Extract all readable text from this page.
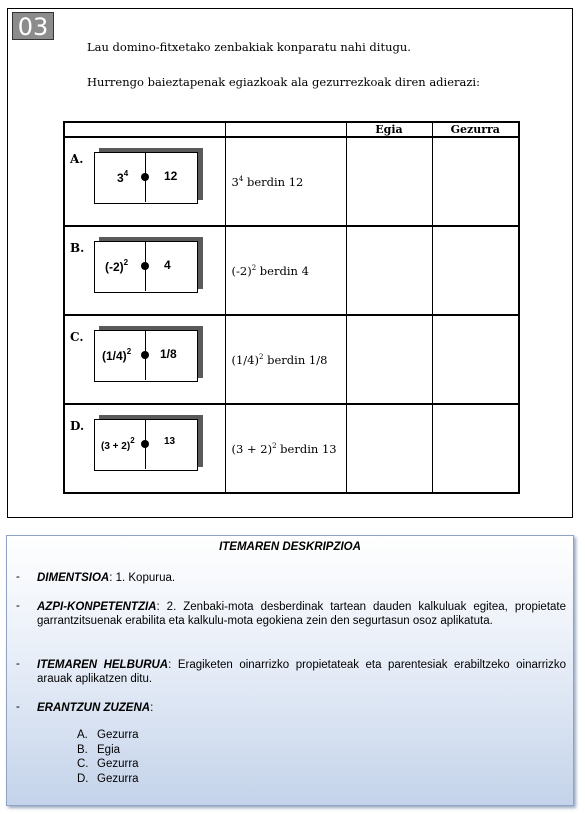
03
Lau domino-fitxetako zenbakiak konparatu nahi ditugu.
Hurrengo baieztapenak egiazkoak ala gezurrezkoak diren adierazi:
		Egia	Gezurra

A.
$3^4$ 12	$3^4$ berdin 12		

B.
$(-2)^2$ 4	$(-2)^2$ berdin 4		

C.
$(1/4)^2$ 1/8	$(1/4)^2$ berdin 1/8		

D.
$(3 + 2)^2$ 13	$(3 + 2)^2$ berdin 13		
ITEMAREN DESKRIPZIOA
- DIMENTSIOA: 1. Kopurua.
- AZPI-KONPETENTZIA: 2. Zenbaki-mota desberdinak tartean dauden kalkuluak egitea, propietate garrantzitsuenak erabilita eta kalkulu-mota egokiena zein den segurtasun osoz aplikatuta.
- ITEMAREN HELBURUA: Eragiketen oinarrizko propietateak eta parentesiak erabiltzeko oinarrizko arauak aplikatzen ditu.
- ERANTZUN ZUZENA:
A. Gezurra
B. Egia
C. Gezurra
D. Gezurra
